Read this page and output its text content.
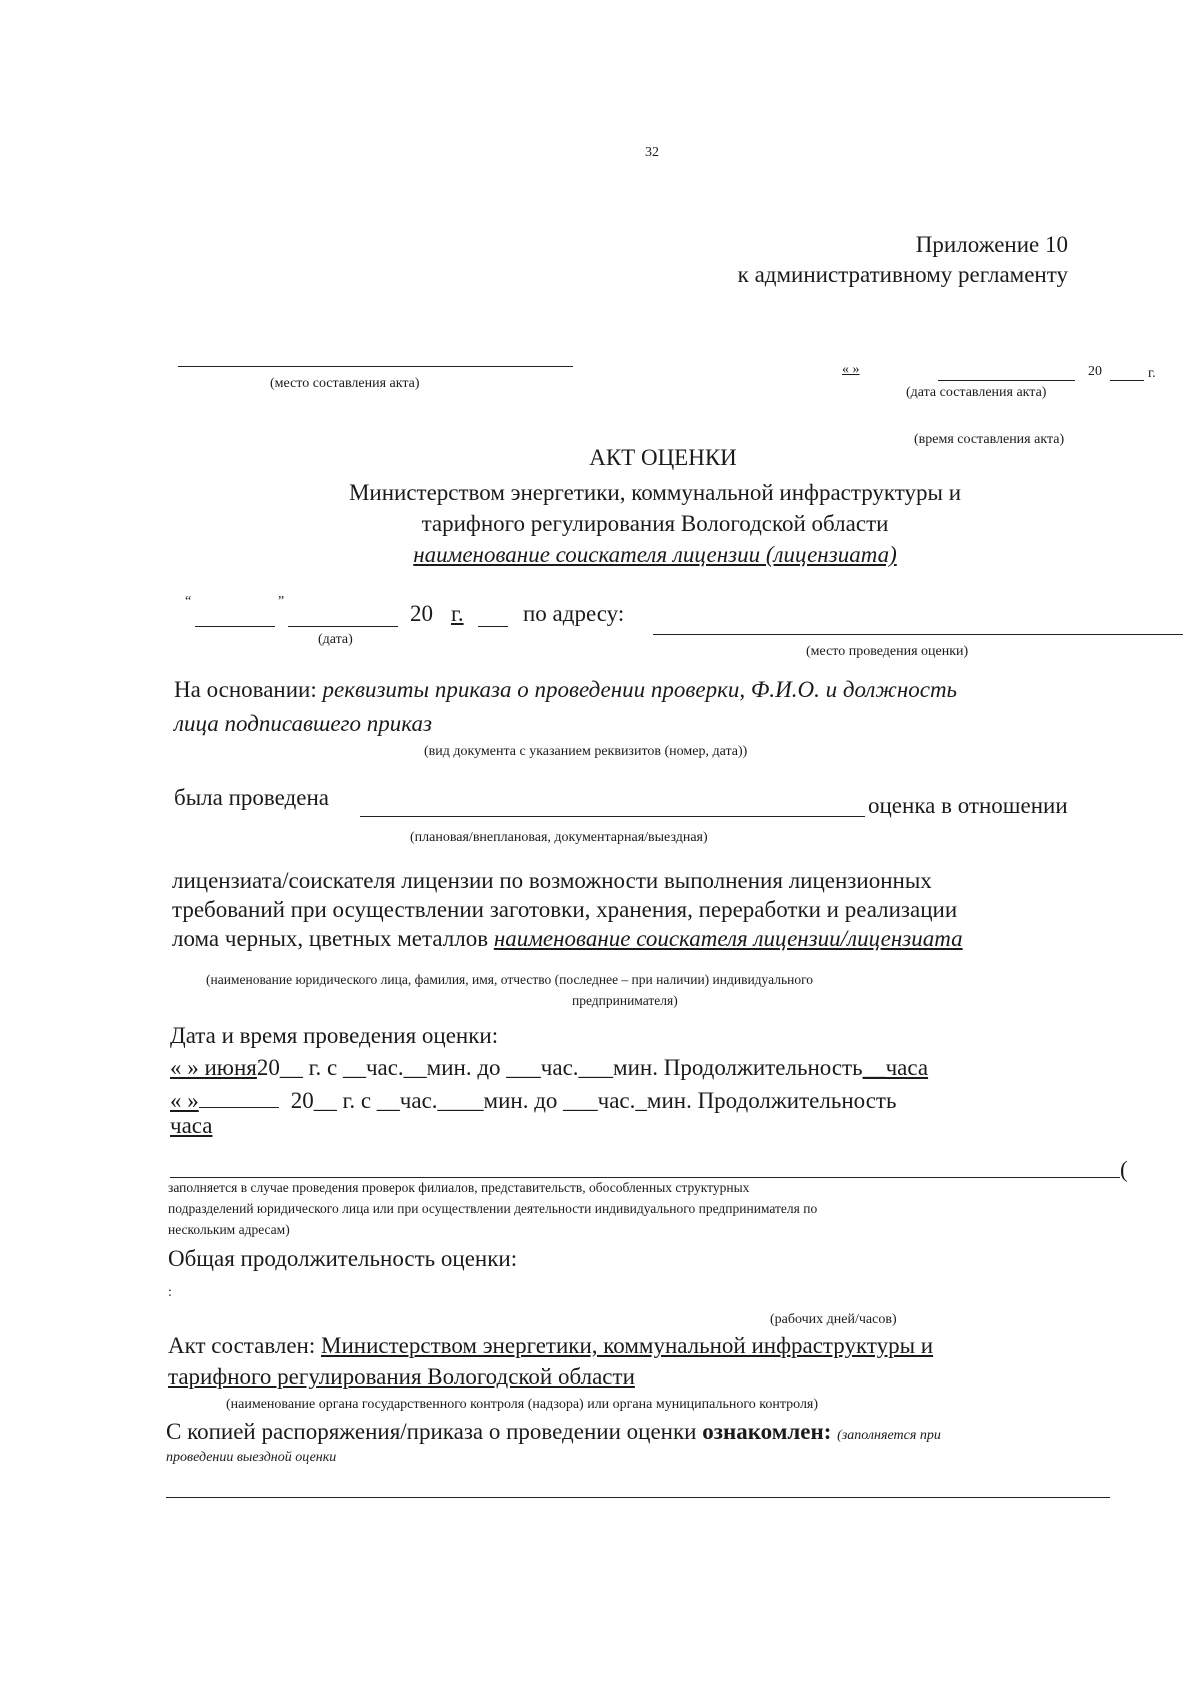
32
Приложение 10
к административному регламенту
(место составления акта)
« »	20	г.
(дата составления акта)
(время составления акта)
АКТ ОЦЕНКИ
Министерством энергетики, коммунальной инфраструктуры и
тарифного регулирования Вологодской области
наименование соискателя лицензии (лицензиата)
“	”	20 г.	по адресу:
(дата)
(место проведения оценки)
На основании: реквизиты приказа о проведении проверки, Ф.И.О. и должность
лица подписавшего приказ
(вид документа с указанием реквизитов (номер, дата))
была проведена	оценка в отношении
(плановая/внеплановая, документарная/выездная)
лицензиата/соискателя лицензии по возможности выполнения лицензионных
требований при осуществлении заготовки, хранения, переработки и реализации
лома черных, цветных металлов наименование соискателя лицензии/лицензиата
(наименование юридического лица, фамилия, имя, отчество (последнее – при наличии) индивидуального
предпринимателя)
Дата и время проведения оценки:
« » июня20__ г. с __час.__мин. до ___час.___мин. Продолжительность__часа
« »	20__ г. с __час.____мин. до ___час._мин. Продолжительность
часа
(
заполняется в случае проведения проверок филиалов, представительств, обособленных структурных
подразделений юридического лица или при осуществлении деятельности индивидуального предпринимателя по
нескольким адресам)
Общая продолжительность оценки:
:
(рабочих дней/часов)
Акт составлен: Министерством энергетики, коммунальной инфраструктуры и
тарифного регулирования Вологодской области
(наименование органа государственного контроля (надзора) или органа муниципального контроля)
С копией распоряжения/приказа о проведении оценки ознакомлен: (заполняется при
проведении выездной оценки
